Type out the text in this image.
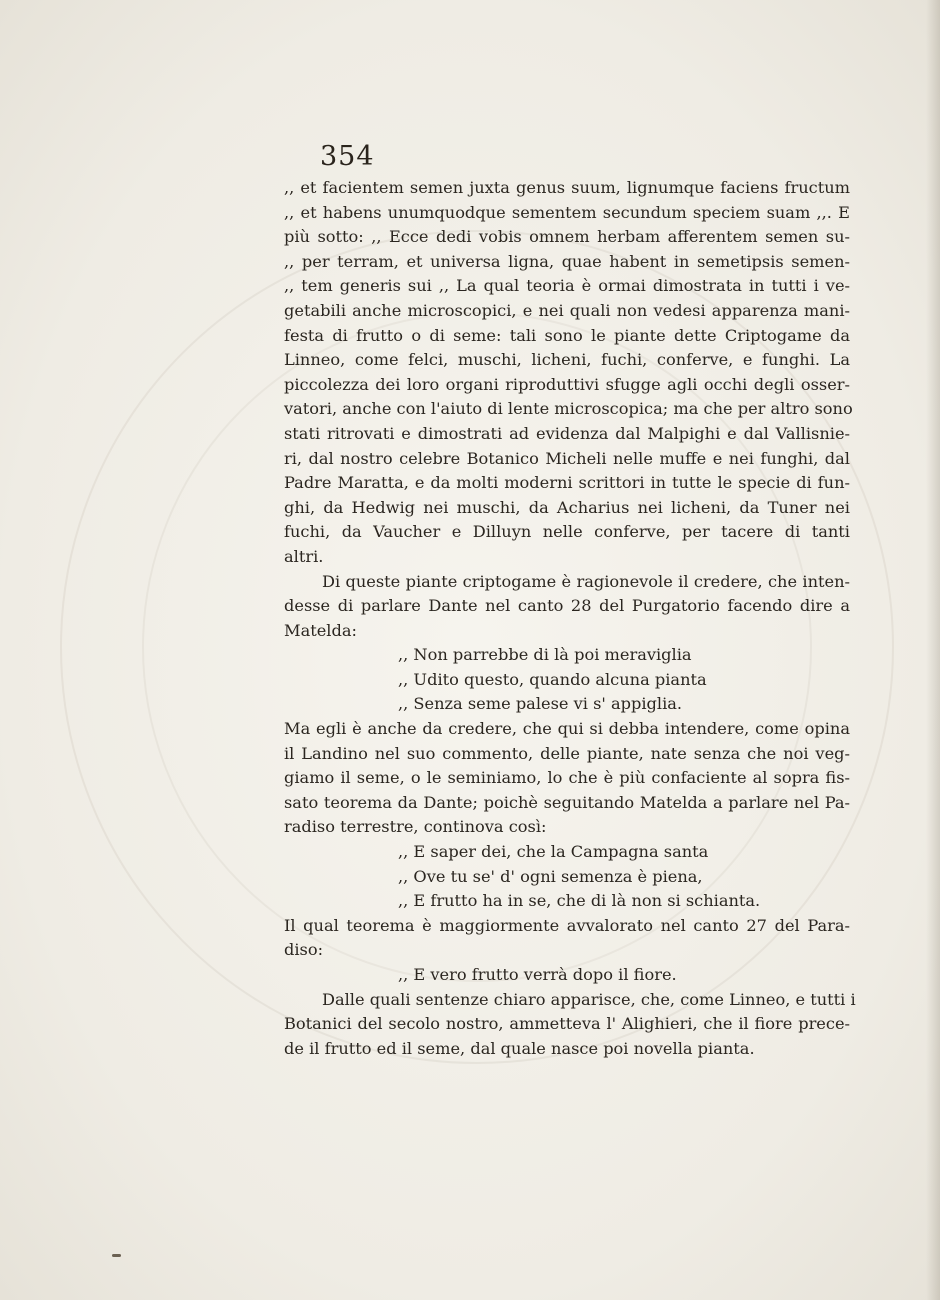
354
,, et facientem semen juxta genus suum, lignumque faciens fructum
,, et habens unumquodque sementem secundum speciem suam ,,. E
più sotto: ,, Ecce dedi vobis omnem herbam afferentem semen su-
,, per terram, et universa ligna, quae habent in semetipsis semen-
,, tem generis sui ,, La qual teoria è ormai dimostrata in tutti i ve-
getabili anche microscopici, e nei quali non vedesi apparenza mani-
festa di frutto o di seme: tali sono le piante dette Criptogame da
Linneo, come felci, muschi, licheni, fuchi, conferve, e funghi. La
piccolezza dei loro organi riproduttivi sfugge agli occhi degli osser-
vatori, anche con l'aiuto di lente microscopica; ma che per altro sono
stati ritrovati e dimostrati ad evidenza dal Malpighi e dal Vallisnie-
ri, dal nostro celebre Botanico Micheli nelle muffe e nei funghi, dal
Padre Maratta, e da molti moderni scrittori in tutte le specie di fun-
ghi, da Hedwig nei muschi, da Acharius nei licheni, da Tuner nei
fuchi, da Vaucher e Dilluyn nelle conferve, per tacere di tanti
altri.
Di queste piante criptogame è ragionevole il credere, che inten-
desse di parlare Dante nel canto 28 del Purgatorio facendo dire a
Matelda:
,, Non parrebbe di là poi meraviglia
,, Udito questo, quando alcuna pianta
,, Senza seme palese vi s' appiglia.
Ma egli è anche da credere, che qui si debba intendere, come opina
il Landino nel suo commento, delle piante, nate senza che noi veg-
giamo il seme, o le seminiamo, lo che è più confaciente al sopra fis-
sato teorema da Dante; poichè seguitando Matelda a parlare nel Pa-
radiso terrestre, continova così:
,, E saper dei, che la Campagna santa
,, Ove tu se' d' ogni semenza è piena,
,, E frutto ha in se, che di là non si schianta.
Il qual teorema è maggiormente avvalorato nel canto 27 del Para-
diso:
,, E vero frutto verrà dopo il fiore.
Dalle quali sentenze chiaro apparisce, che, come Linneo, e tutti i
Botanici del secolo nostro, ammetteva l' Alighieri, che il fiore prece-
de il frutto ed il seme, dal quale nasce poi novella pianta.
